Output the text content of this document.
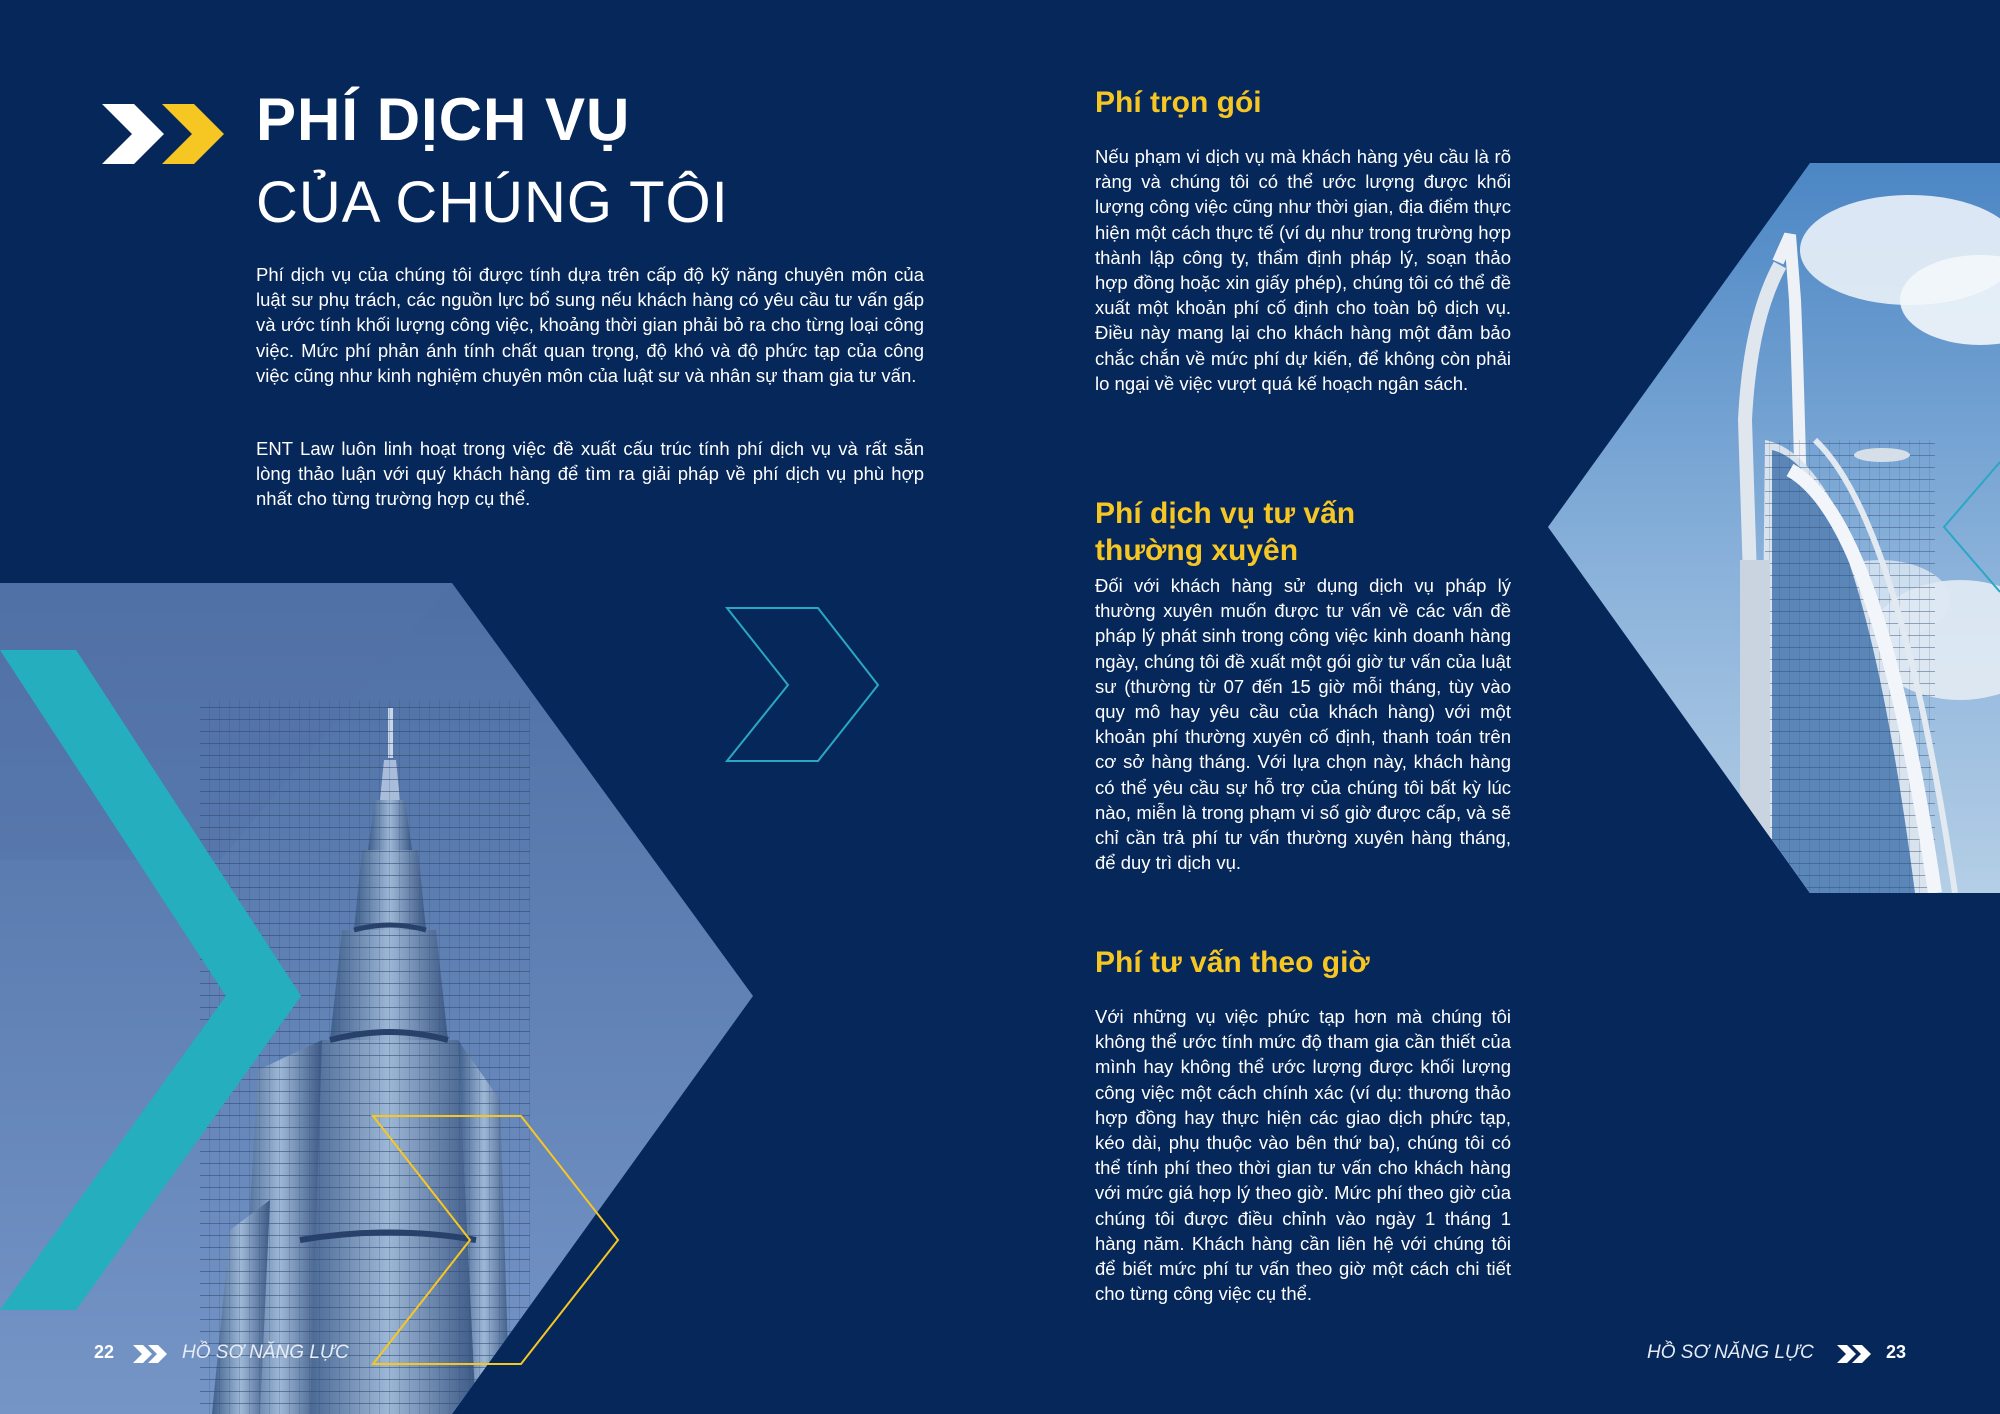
PHÍ DỊCH VỤ
CỦA CHÚNG TÔI

Phí dịch vụ của chúng tôi được tính dựa trên cấp độ kỹ năng chuyên môn của luật sư phụ trách, các nguồn lực bổ sung nếu khách hàng có yêu cầu tư vấn gấp và ước tính khối lượng công việc, khoảng thời gian phải bỏ ra cho từng loại công việc. Mức phí phản ánh tính chất quan trọng, độ khó và độ phức tạp của công việc cũng như kinh nghiệm chuyên môn của luật sư và nhân sự tham gia tư vấn.

ENT Law luôn linh hoạt trong việc đề xuất cấu trúc tính phí dịch vụ và rất sẵn lòng thảo luận với quý khách hàng để tìm ra giải pháp về phí dịch vụ phù hợp nhất cho từng trường hợp cụ thể.

22	HỒ SƠ NĂNG LỰC
Phí trọn gói

Nếu phạm vi dịch vụ mà khách hàng yêu cầu là rõ ràng và chúng tôi có thể ước lượng được khối lượng công việc cũng như thời gian, địa điểm thực hiện một cách thực tế (ví dụ như trong trường hợp thành lập công ty, thẩm định pháp lý, soạn thảo hợp đồng hoặc xin giấy phép), chúng tôi có thể đề xuất một khoản phí cố định cho toàn bộ dịch vụ. Điều này mang lại cho khách hàng một đảm bảo chắc chắn về mức phí dự kiến, để không còn phải lo ngại về việc vượt quá kế hoạch ngân sách.

Phí dịch vụ tư vấn thường xuyên

Đối với khách hàng sử dụng dịch vụ pháp lý thường xuyên muốn được tư vấn về các vấn đề pháp lý phát sinh trong công việc kinh doanh hàng ngày, chúng tôi đề xuất một gói giờ tư vấn của luật sư (thường từ 07 đến 15 giờ mỗi tháng, tùy vào quy mô hay yêu cầu của khách hàng) với một khoản phí thường xuyên cố định, thanh toán trên cơ sở hàng tháng. Với lựa chọn này, khách hàng có thể yêu cầu sự hỗ trợ của chúng tôi bất kỳ lúc nào, miễn là trong phạm vi số giờ được cấp, và sẽ chỉ cần trả phí tư vấn thường xuyên hàng tháng, để duy trì dịch vụ.

Phí tư vấn theo giờ

Với những vụ việc phức tạp hơn mà chúng tôi không thể ước tính mức độ tham gia cần thiết của mình hay không thể ước lượng được khối lượng công việc một cách chính xác (ví dụ: thương thảo hợp đồng hay thực hiện các giao dịch phức tạp, kéo dài, phụ thuộc vào bên thứ ba), chúng tôi có thể tính phí theo thời gian tư vấn cho khách hàng với mức giá hợp lý theo giờ. Mức phí theo giờ của chúng tôi được điều chỉnh vào ngày 1 tháng 1 hàng năm. Khách hàng cần liên hệ với chúng tôi để biết mức phí tư vấn theo giờ một cách chi tiết cho từng công việc cụ thể.

HỒ SƠ NĂNG LỰC	23
